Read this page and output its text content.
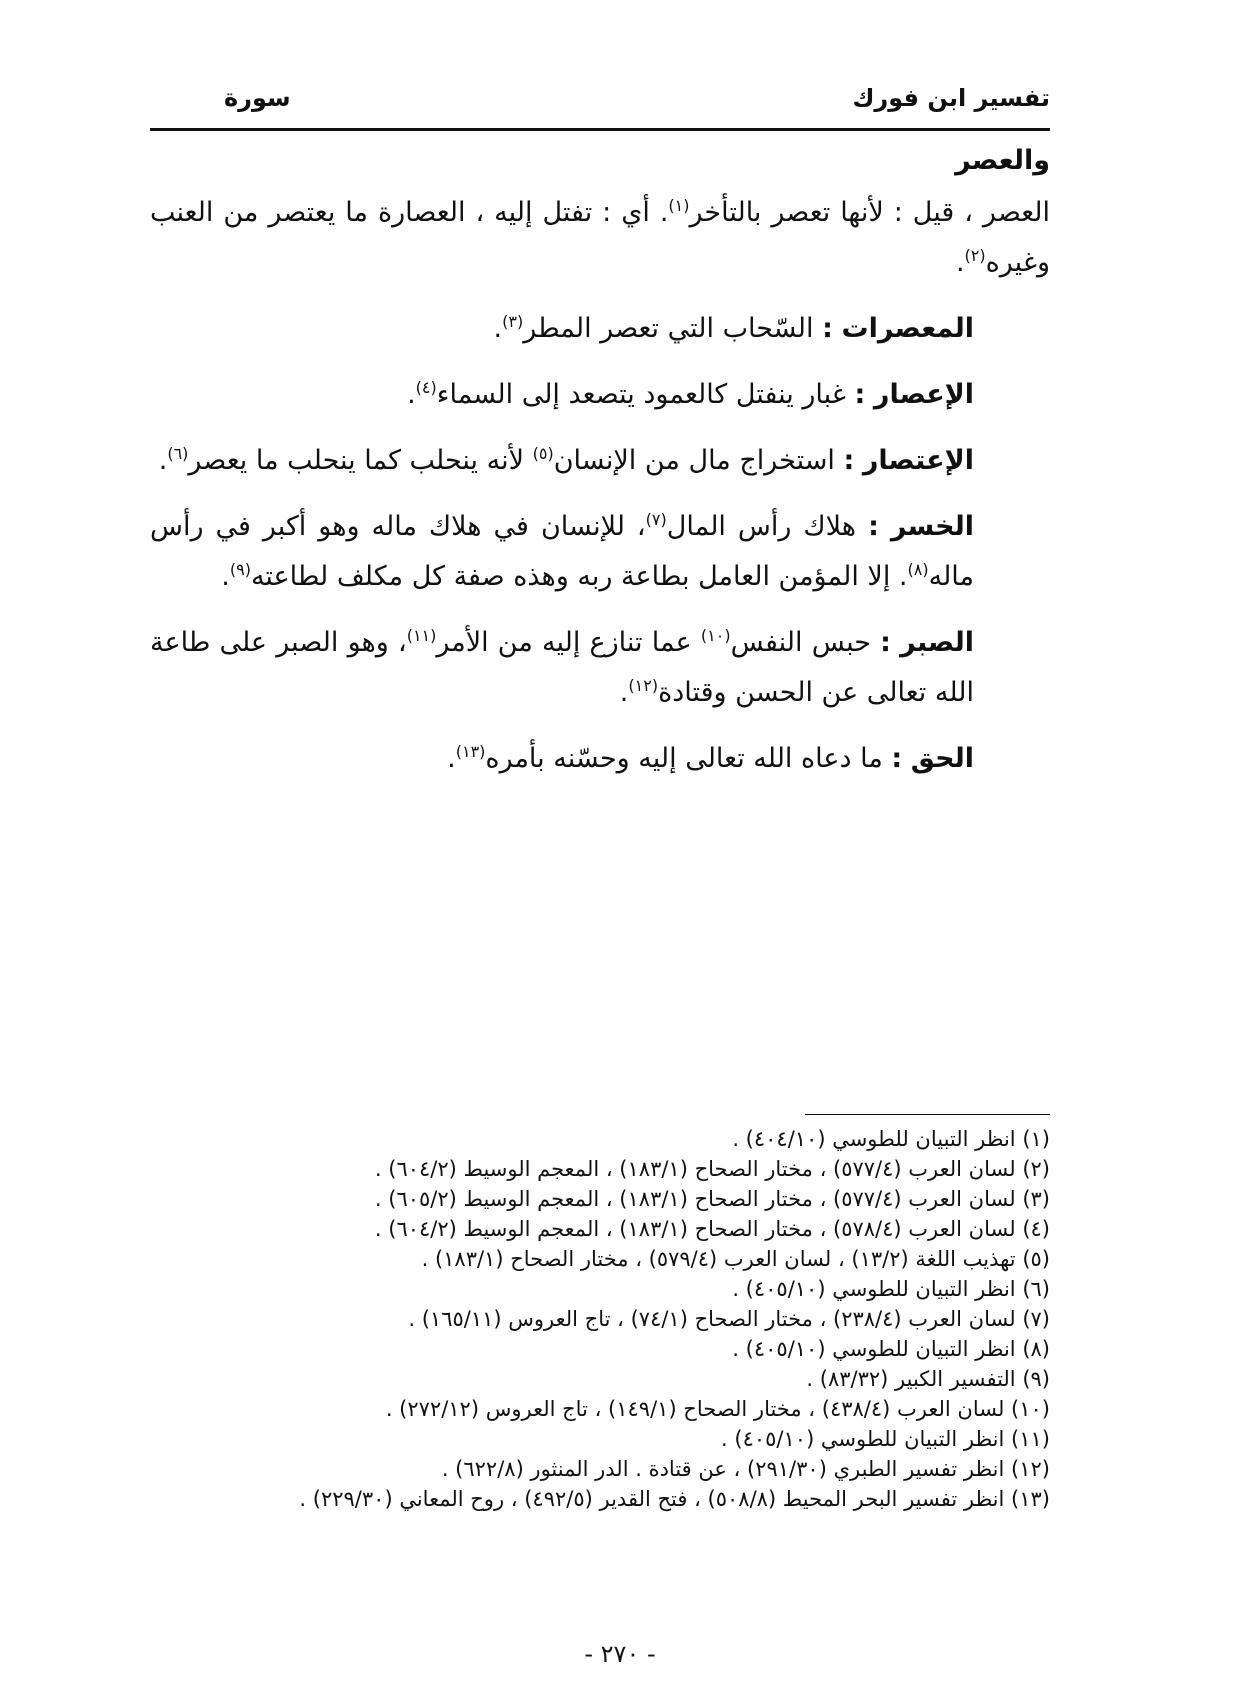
تفسير ابن فورك
سورة
والعصر

العصر ، قيل : لأنها تعصر بالتأخر$^{(١)}$. أي : تفتل إليه ، العصارة ما يعتصر من العنب وغيره$^{(٢)}$.

المعصرات : السّحاب التي تعصر المطر$^{(٣)}$.

الإعصار : غبار ينفتل كالعمود يتصعد إلى السماء$^{(٤)}$.

الإعتصار : استخراج مال من الإنسان$^{(٥)}$ لأنه ينحلب كما ينحلب ما يعصر$^{(٦)}$.

الخسر : هلاك رأس المال$^{(٧)}$، للإنسان في هلاك ماله وهو أكبر في رأس ماله$^{(٨)}$. إلا المؤمن العامل بطاعة ربه وهذه صفة كل مكلف لطاعته$^{(٩)}$.

الصبر : حبس النفس$^{(١٠)}$ عما تنازع إليه من الأمر$^{(١١)}$، وهو الصبر على طاعة الله تعالى عن الحسن وقتادة$^{(١٢)}$.

الحق : ما دعاه الله تعالى إليه وحسّنه بأمره$^{(١٣)}$.

(١) انظر التبيان للطوسي (٤٠٤/١٠) .
(٢) لسان العرب (٥٧٧/٤) ، مختار الصحاح (١٨٣/١) ، المعجم الوسيط (٦٠٤/٢) .
(٣) لسان العرب (٥٧٧/٤) ، مختار الصحاح (١٨٣/١) ، المعجم الوسيط (٦٠٥/٢) .
(٤) لسان العرب (٥٧٨/٤) ، مختار الصحاح (١٨٣/١) ، المعجم الوسيط (٦٠٤/٢) .
(٥) تهذيب اللغة (١٣/٢) ، لسان العرب (٥٧٩/٤) ، مختار الصحاح (١٨٣/١) .
(٦) انظر التبيان للطوسي (٤٠٥/١٠) .
(٧) لسان العرب (٢٣٨/٤) ، مختار الصحاح (٧٤/١) ، تاج العروس (١٦٥/١١) .
(٨) انظر التبيان للطوسي (٤٠٥/١٠) .
(٩) التفسير الكبير (٨٣/٣٢) .
(١٠) لسان العرب (٤٣٨/٤) ، مختار الصحاح (١٤٩/١) ، تاج العروس (٢٧٢/١٢) .
(١١) انظر التبيان للطوسي (٤٠٥/١٠) .
(١٢) انظر تفسير الطبري (٢٩١/٣٠) ، عن قتادة . الدر المنثور (٦٢٢/٨) .
(١٣) انظر تفسير البحر المحيط (٥٠٨/٨) ، فتح القدير (٤٩٢/٥) ، روح المعاني (٢٢٩/٣٠) .
- ٢٧٠ -
